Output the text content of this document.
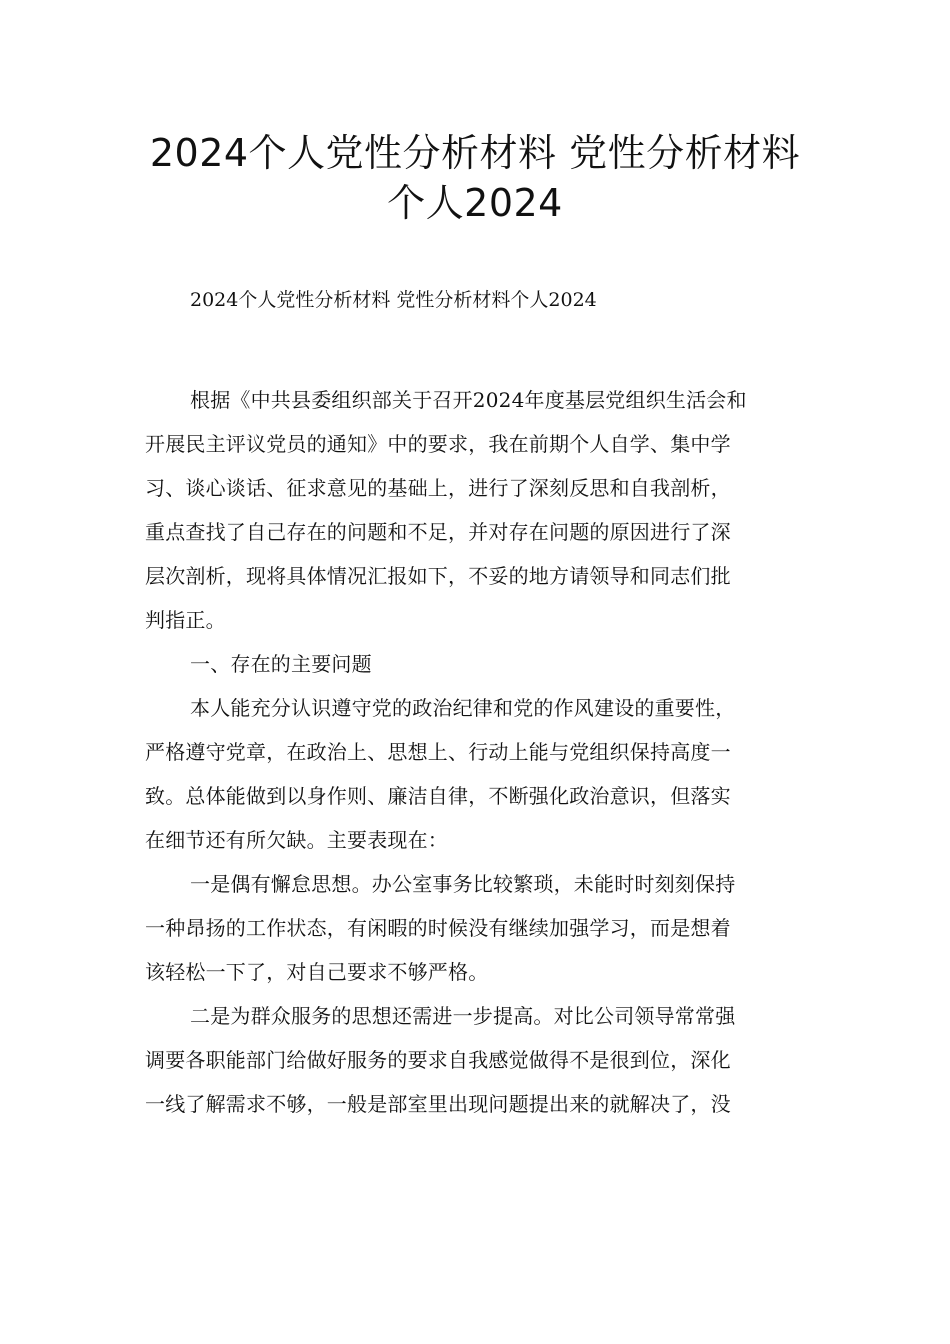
2024个人党性分析材料 党性分析材料
个人2024

2024个人党性分析材料 党性分析材料个人2024

根据《中共县委组织部关于召开2024年度基层党组织生活会和
开展民主评议党员的通知》中的要求，我在前期个人自学、集中学
习、谈心谈话、征求意见的基础上，进行了深刻反思和自我剖析，
重点查找了自己存在的问题和不足，并对存在问题的原因进行了深
层次剖析，现将具体情况汇报如下，不妥的地方请领导和同志们批
判指正。
一、存在的主要问题
本人能充分认识遵守党的政治纪律和党的作风建设的重要性，
严格遵守党章，在政治上、思想上、行动上能与党组织保持高度一
致。总体能做到以身作则、廉洁自律，不断强化政治意识，但落实
在细节还有所欠缺。主要表现在：
一是偶有懈怠思想。办公室事务比较繁琐，未能时时刻刻保持
一种昂扬的工作状态，有闲暇的时候没有继续加强学习，而是想着
该轻松一下了，对自己要求不够严格。
二是为群众服务的思想还需进一步提高。对比公司领导常常强
调要各职能部门给做好服务的要求自我感觉做得不是很到位，深化
一线了解需求不够，一般是部室里出现问题提出来的就解决了，没
